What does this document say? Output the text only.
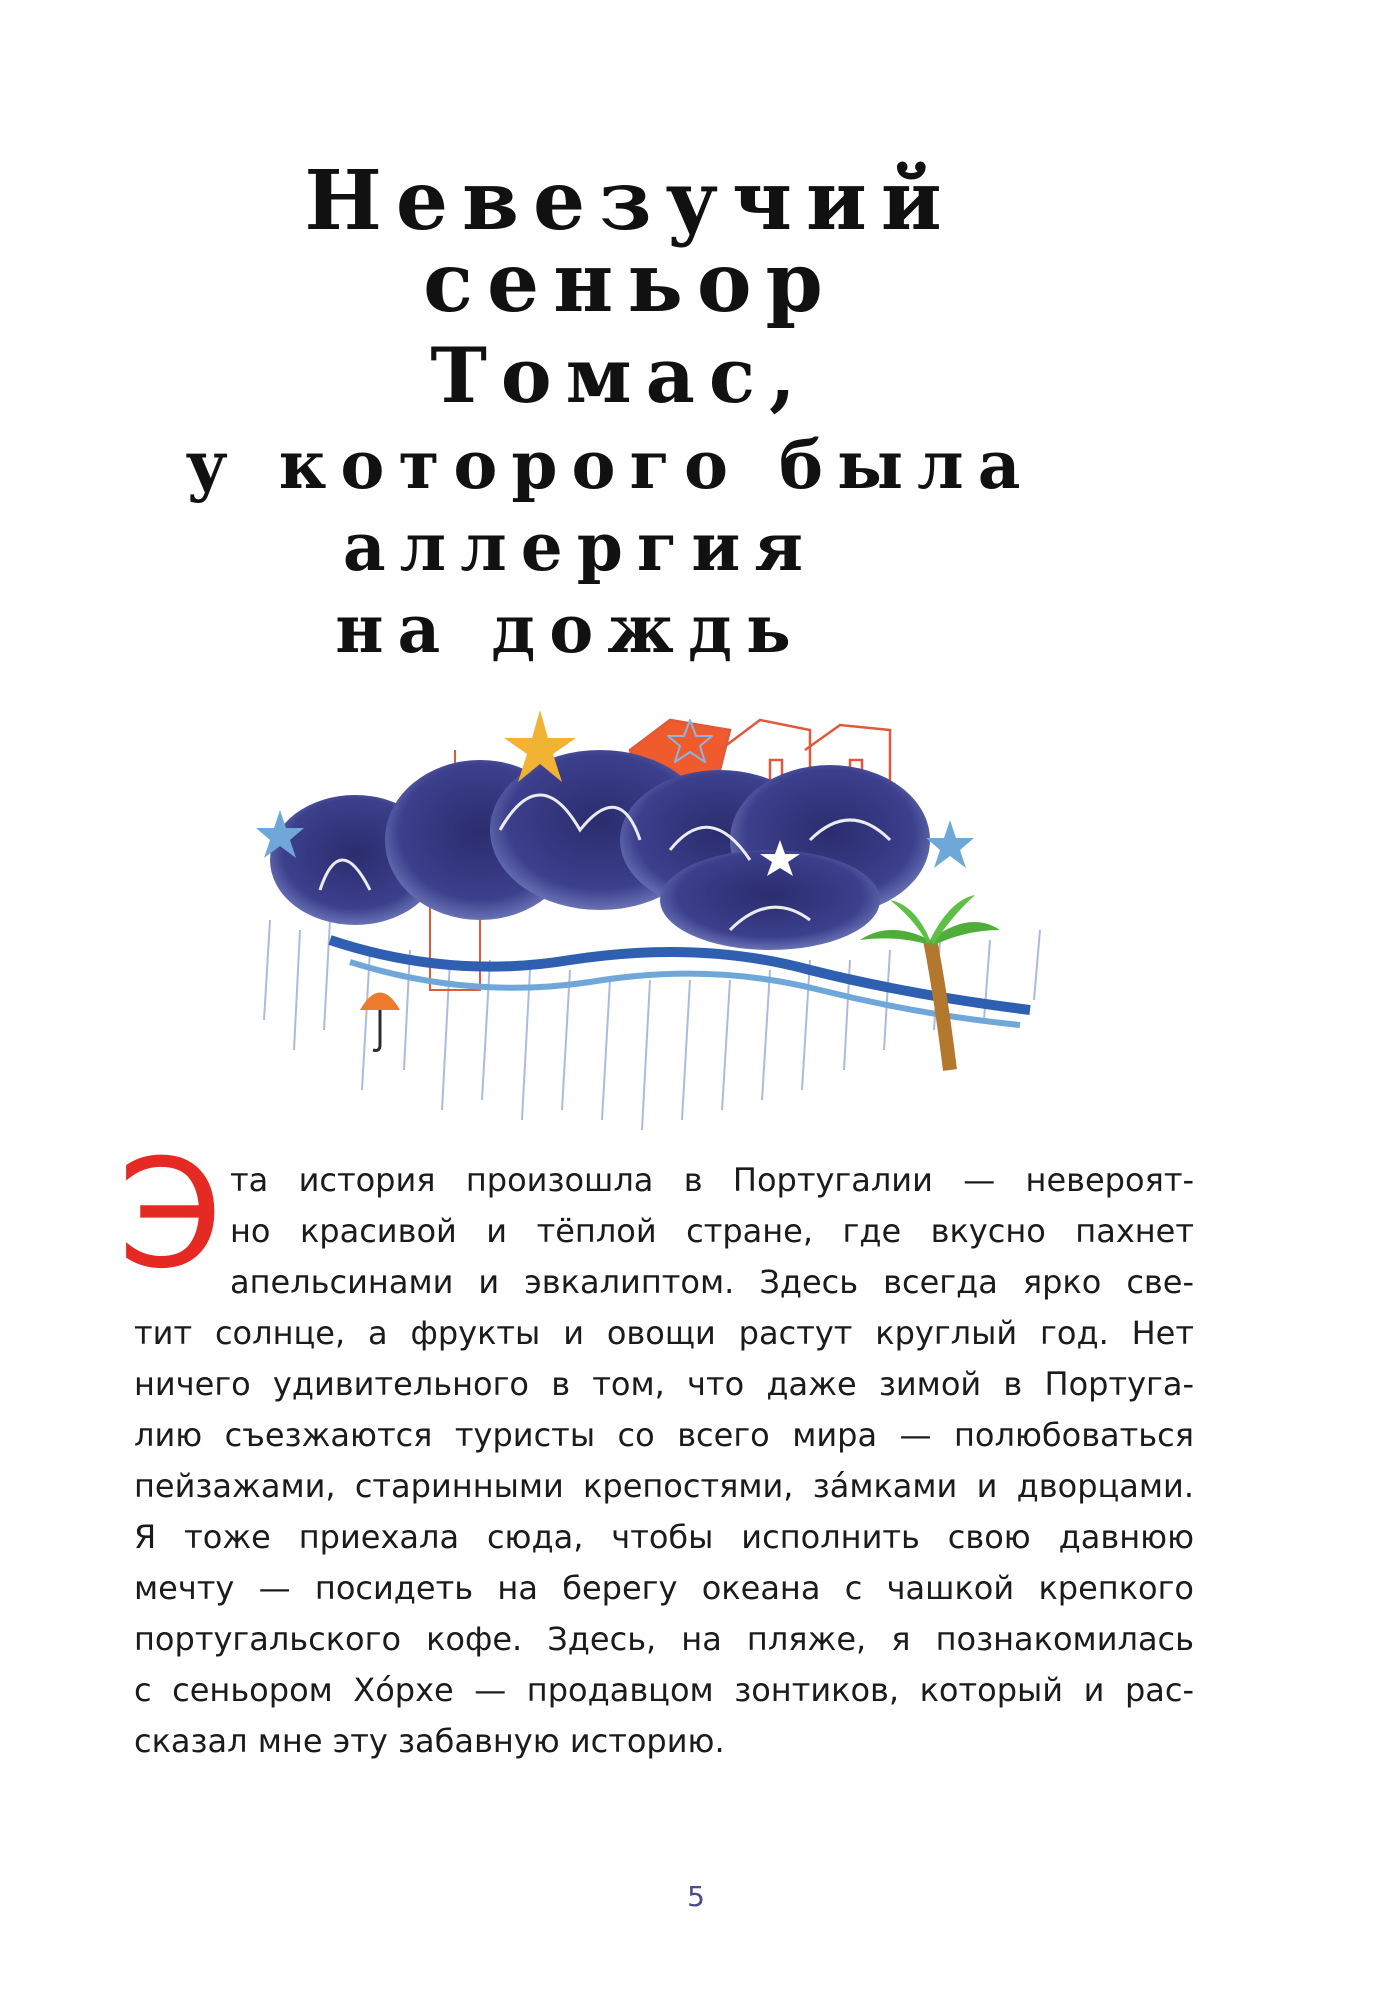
Невезучий сеньор
Томас,
у которого была
аллергия
на дождь
Э та история произошла в Португалии — невероят-
но красивой и тёплой стране, где вкусно пахнет
апельсинами и эвкалиптом. Здесь всегда ярко све-
тит солнце, а фрукты и овощи растут круглый год. Нет
ничего удивительного в том, что даже зимой в Португа-
лию съезжаются туристы со всего мира — полюбоваться
пейзажами, старинными крепостями, за́мками и дворцами.
Я тоже приехала сюда, чтобы исполнить свою давнюю
мечту — посидеть на берегу океана с чашкой крепкого
португальского кофе. Здесь, на пляже, я познакомилась
с сеньором Хо́рхе — продавцом зонтиков, который и рас-
сказал мне эту забавную историю.
5
